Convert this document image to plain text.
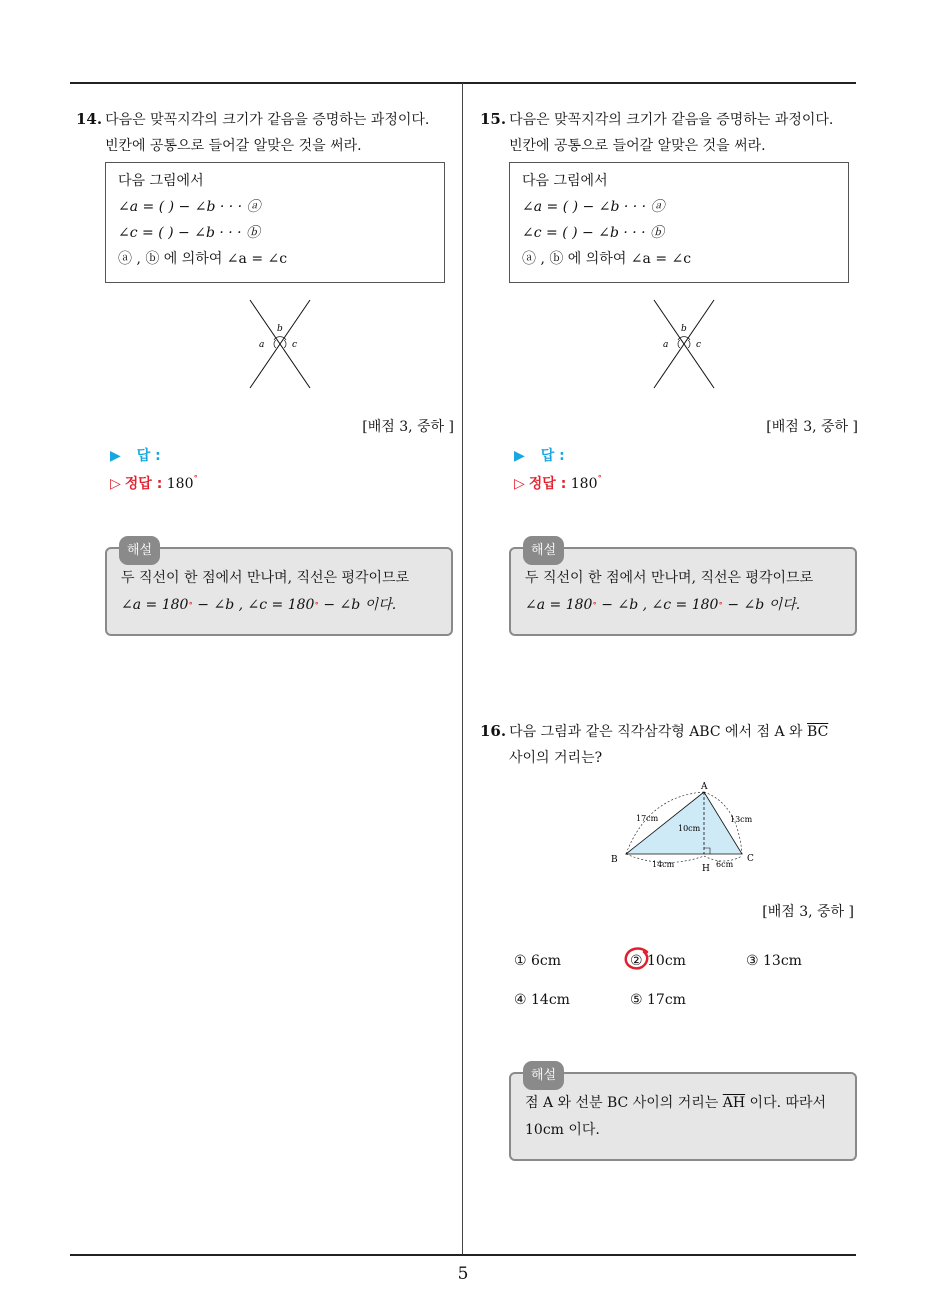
14. 다음은 맞꼭지각의 크기가 같음을 증명하는 과정이다.

빈칸에 공통으로 들어갈 알맞은 것을 써라.

다음 그림에서
∠a = ( ) − ∠b · · · ⓐ
∠c = ( ) − ∠b · · · ⓑ
ⓐ , ⓑ 에 의하여 ∠a = ∠c
b
a	c
[배점 3, 중하 ]
▶ 답 :
▷ 정답 : 180∘
해설
두 직선이 한 점에서 만나며, 직선은 평각이므로
∠a = 180∘ − ∠b , ∠c = 180∘ − ∠b 이다.

15. 다음은 맞꼭지각의 크기가 같음을 증명하는 과정이다.

빈칸에 공통으로 들어갈 알맞은 것을 써라.

다음 그림에서
∠a = ( ) − ∠b · · · ⓐ
∠c = ( ) − ∠b · · · ⓑ
ⓐ , ⓑ 에 의하여 ∠a = ∠c
b
a	c
[배점 3, 중하 ]
▶ 답 :
▷ 정답 : 180∘
해설
두 직선이 한 점에서 만나며, 직선은 평각이므로
∠a = 180∘ − ∠b , ∠c = 180∘ − ∠b 이다.

16. 다음 그림과 같은 직각삼각형 ABC 에서 점 A 와 $\overline{BC}$

사이의 거리는?

A
B	C
H
17cm
10cm
13cm
14cm	6cm
[배점 3, 중하 ]
① 6cm	② 10cm	③ 13cm
④ 14cm	⑤ 17cm
해설
점 A 와 선분 BC 사이의 거리는 $\overline{AH}$ 이다. 따라서
10cm 이다.
5
